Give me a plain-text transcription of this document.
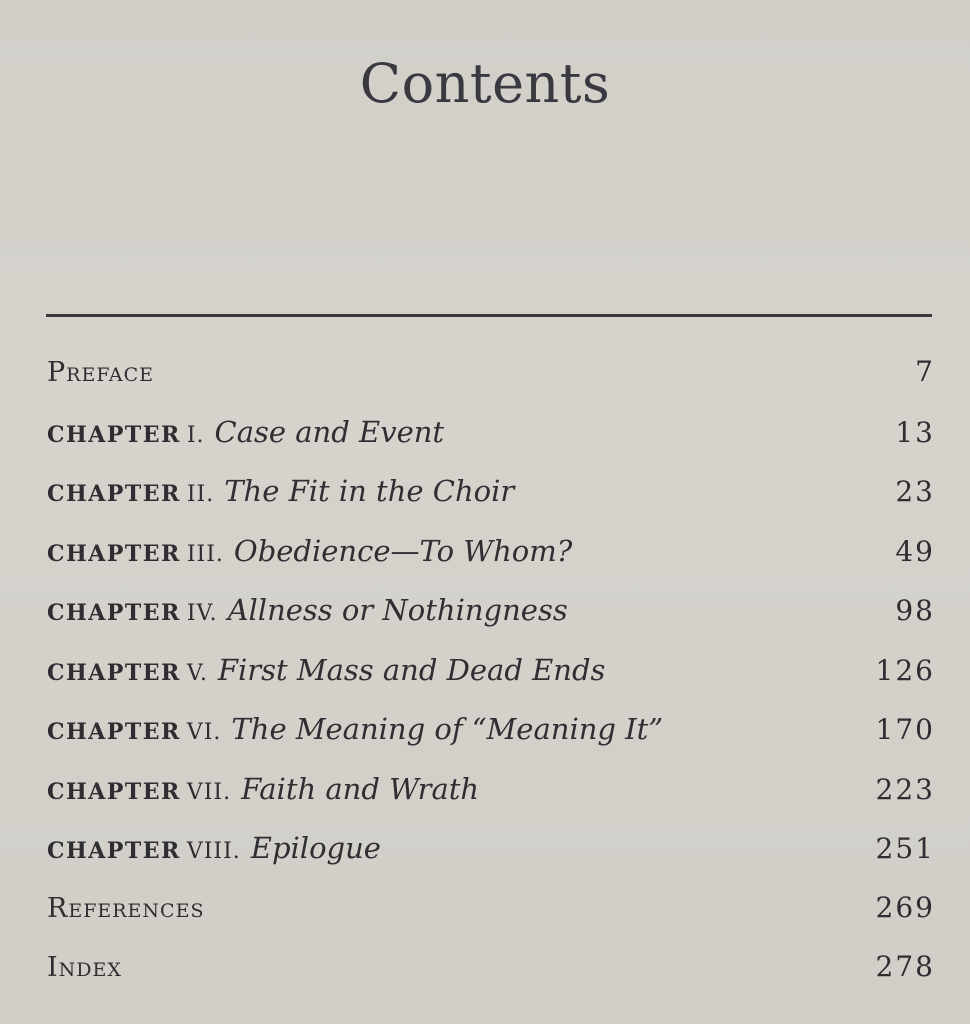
Contents
Preface	7
CHAPTER I. Case and Event	13
CHAPTER II. The Fit in the Choir	23
CHAPTER III. Obedience—To Whom?	49
CHAPTER IV. Allness or Nothingness	98
CHAPTER V. First Mass and Dead Ends	126
CHAPTER VI. The Meaning of “Meaning It”	170
CHAPTER VII. Faith and Wrath	223
CHAPTER VIII. Epilogue	251
References	269
Index	278
